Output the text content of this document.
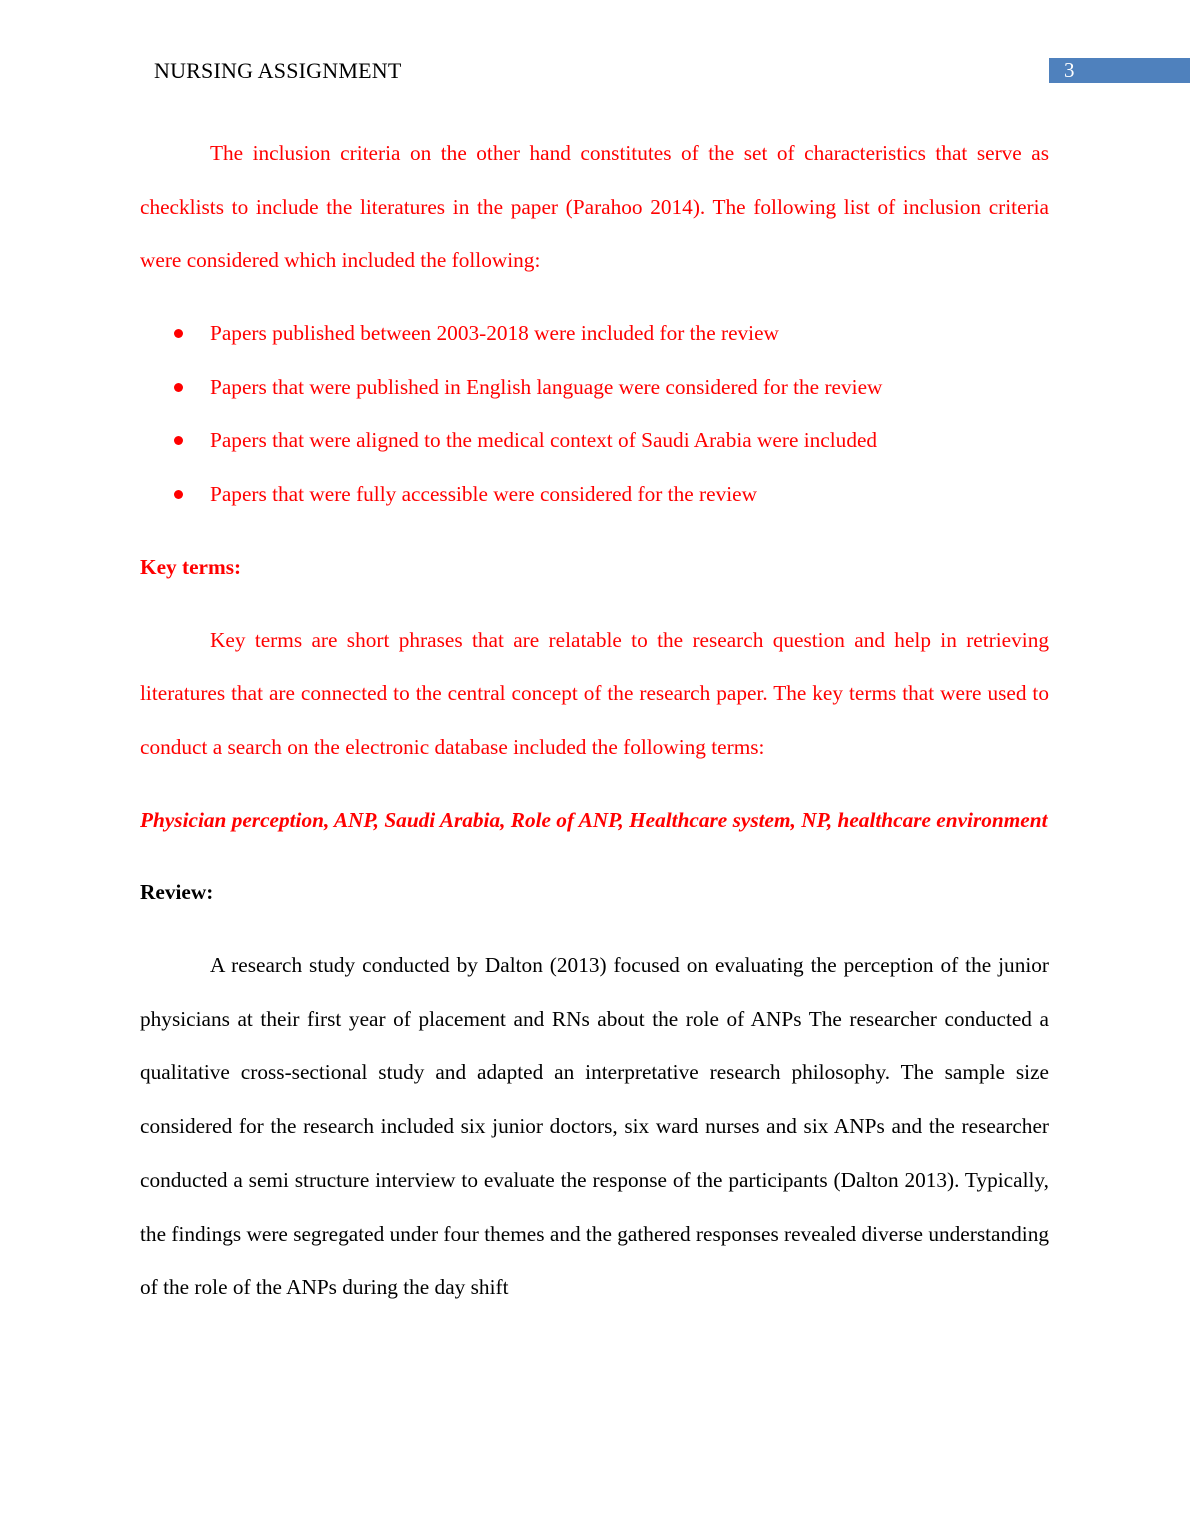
NURSING ASSIGNMENT	3

The inclusion criteria on the other hand constitutes of the set of characteristics that serve as checklists to include the literatures in the paper (Parahoo 2014). The following list of inclusion criteria were considered which included the following:

Papers published between 2003-2018 were included for the review
Papers that were published in English language were considered for the review
Papers that were aligned to the medical context of Saudi Arabia were included
Papers that were fully accessible were considered for the review

Key terms:

Key terms are short phrases that are relatable to the research question and help in retrieving literatures that are connected to the central concept of the research paper. The key terms that were used to conduct a search on the electronic database included the following terms:

Physician perception, ANP, Saudi Arabia, Role of ANP, Healthcare system, NP, healthcare environment

Review:

A research study conducted by Dalton (2013) focused on evaluating the perception of the junior physicians at their first year of placement and RNs about the role of ANPs The researcher conducted a qualitative cross-sectional study and adapted an interpretative research philosophy. The sample size considered for the research included six junior doctors, six ward nurses and six ANPs and the researcher conducted a semi structure interview to evaluate the response of the participants (Dalton 2013). Typically, the findings were segregated under four themes and the gathered responses revealed diverse understanding of the role of the ANPs during the day shift
